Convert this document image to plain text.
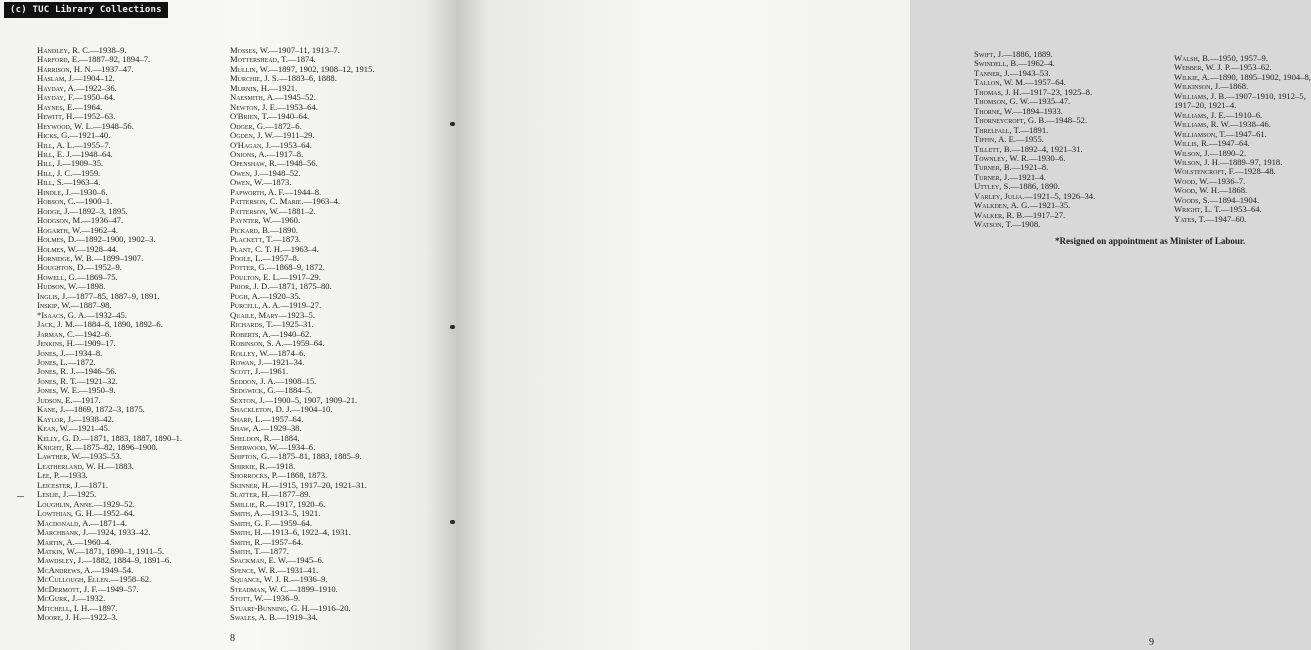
(c) TUC Library Collections
Handley, R. C.—1938–9.
Harford, E.—1887–92, 1894–7.
Harrison, H. N.—1937–47.
Haslam, J.—1904–12.
Hayday, A.—1922–36.
Hayday, F.—1950–64.
Haynes, E.—1964.
Hewitt, H.—1952–63.
Heywood, W. L.—1948–56.
Hicks, G.—1921–40.
Hill, A. L.—1955–7.
Hill, E. J.—1948–64.
Hill, J.—1909–35.
Hill, J. C.—1959.
Hill, S.—1963–4.
Hindle, J.—1930–6.
Hobson, C.—1900–1.
Hodge, J.—1892–3, 1895.
Hodgson, M.—1936–47.
Hogarth, W.—1962–4.
Holmes, D.—1892–1900, 1902–3.
Holmes, W.—1928–44.
Hornidge, W. B.—1899–1907.
Houghton, D.—1952–9.
Howell, G.—1869–75.
Hudson, W.—1898.
Inglis, J.—1877–85, 1887–9, 1891.
Inskip, W.—1887–98.
*Isaacs, G. A.—1932–45.
Jack, J. M.—1884–8, 1890, 1892–6.
Jarman, C.—1942–6.
Jenkins, H.—1909–17.
Jones, J.—1934–8.
Jones, L.—1872.
Jones, R. J.—1946–56.
Jones, R. T.—1921–32.
Jones, W. E.—1950–9.
Judson, E.—1917.
Kane, J.—1869, 1872–3, 1875.
Kaylor, J.—1938–42.
Kean, W.—1921–45.
Kelly, G. D.—1871, 1883, 1887, 1890–1.
Knight, R.—1875–82, 1896–1900.
Lawther, W.—1935–53.
Leatherland, W. H.—1883.
Lee, P.—1933.
Leicester, J.—1871.
Leslie, J.—1925.
Loughlin, Anne.—1929–52.
Lowthian, G. H.—1952–64.
Macdonald, A.—1871–4.
Marchbank, J.—1924, 1933–42.
Martin, A.—1960–4.
Matkin, W.—1871, 1890–1, 1911–5.
Mawdsley, J.—1882, 1884–9, 1891–6.
McAndrews, A.—1949–54.
McCullough, Ellen.—1958–62.
McDermott, J. F.—1949–57.
McGurk, J.—1932.
Mitchell, I. H.—1897.
Moore, J. H.—1922–3.
Mosses, W.—1907–11, 1913–7.
Mottershead, T.—1874.
Mullin, W.—1897, 1902, 1908–12, 1915.
Murchie, J. S.—1883–6, 1888.
Murnin, H.—1921.
Naesmith, A.—1945–52.
Newton, J. E.—1953–64.
O'Brien, T.—1940–64.
Odger, G.—1872–6.
Ogden, J. W.—1911–29.
O'Hagan, J.—1953–64.
Onions, A.—1917–8.
Openshaw, R.—1948–56.
Owen, J.—1948–52.
Owen, W.—1873.
Papworth, A. F.—1944–8.
Patterson, C. Marie.—1963–4.
Patterson, W.—1881–2.
Paynter, W.—1960.
Pickard, B.—1890.
Plackett, T.—1873.
Plant, C. T. H.—1963–4.
Poole, L.—1957–8.
Potter, G.—1868–9, 1872.
Poulton, E. L.—1917–29.
Prior, J. D.—1871, 1875–80.
Pugh, A.—1920–35.
Purcell, A. A.—1919–27.
Quaile, Mary—1923–5.
Richards, T.—1925–31.
Roberts, A.—1940–62.
Robinson, S. A.—1959–64.
Rolley, W.—1874–6.
Rowan, J.—1921–34.
Scott, J.—1961.
Seddon, J. A.—1908–15.
Sedgwick, G.—1884–5.
Sexton, J.—1900–5, 1907, 1909–21.
Shackleton, D. J.—1904–10.
Sharp, L.—1957–64.
Shaw, A.—1929–38.
Sheldon, R.—1884.
Sherwood, W.—1934–6.
Shipton, G.—1875–81, 1883, 1885–9.
Shirkie, R.—1918.
Shorrocks, P.—1868, 1873.
Skinner, H.—1915, 1917–20, 1921–31.
Slatter, H.—1877–89.
Smillie, R.—1917, 1920–6.
Smith, A.—1913–5, 1921.
Smith, G. F.—1959–64.
Smith, H.—1913–6, 1922–4, 1931.
Smith, R.—1957–64.
Smith, T.—1877.
Spackman, E. W.—1945–6.
Spence, W. R.—1931–41.
Squance, W. J. R.—1936–9.
Steadman, W. C.—1899–1910.
Stott, W.—1936–9.
Stuart-Bunning, G. H.—1916–20.
Swales, A. B.—1919–34.
8
Swift, J.—1886, 1889.
Swindell, B.—1962–4.
Tanner, J.—1943–53.
Tallon, W. M.—1957–64.
Thomas, J. H.—1917–23, 1925–8.
Thomson, G. W.—1935–47.
Thorne, W.—1894–1933.
Thorneycroft, G. B.—1948–52.
Threlfall, T.—1891.
Tiffin, A. E.—1955.
Tillett, B.—1892–4, 1921–31.
Townley, W. R.—1930–6.
Turner, B.—1921–8.
Turner, J.—1921–4.
Uttley, S.—1886, 1890.
Varley, Julia.—1921–5, 1926–34.
Walkden, A. G.—1921–35.
Walker, R. B.—1917–27.
Watson, T.—1908.
Walsh, B.—1950, 1957–9.
Webber, W. J. P.—1953–62.
Wilkie, A.—1890, 1895–1902, 1904–8,
Wilkinson, J.—1868.
Williams, J. B.—1907–1910, 1912–5,
1917–20, 1921–4.
Williams, J. E.—1910–6.
Williams, R. W.—1938–46.
Williamson, T.—1947–61.
Willis, R.—1947–64.
Wilson, J.—1890–2.
Wilson, J. H.—1889–97, 1918.
Wolstencroft, F.—1928–48.
Wood, W.—1936–7.
Wood, W. H.—1868.
Woods, S.—1894–1904.
Wright, L. T.—1953–64.
Yates, T.—1947–60.
*Resigned on appointment as Minister of Labour.
9
